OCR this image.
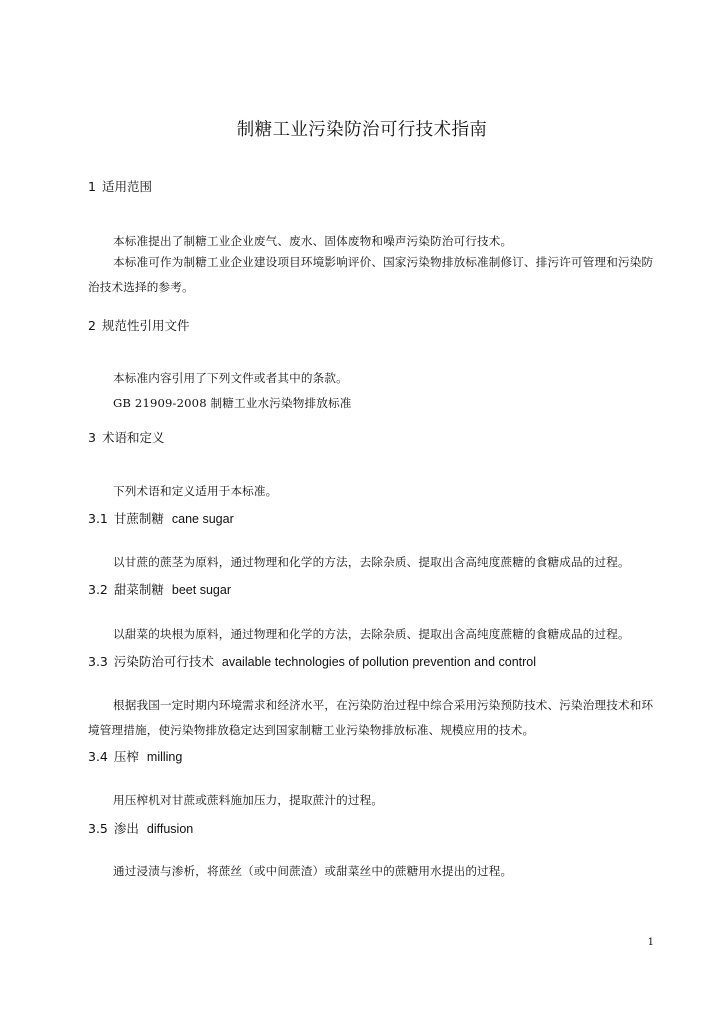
制糖工业污染防治可行技术指南
1 适用范围
本标准提出了制糖工业企业废气、废水、固体废物和噪声污染防治可行技术。

本标准可作为制糖工业企业建设项目环境影响评价、国家污染物排放标准制修订、排污许可管理和污染防治技术选择的参考。

2 规范性引用文件
本标准内容引用了下列文件或者其中的条款。
GB 21909-2008 制糖工业水污染物排放标准
3 术语和定义
下列术语和定义适用于本标准。
3.1 甘蔗制糖 cane sugar
以甘蔗的蔗茎为原料，通过物理和化学的方法，去除杂质、提取出含高纯度蔗糖的食糖成品的过程。
3.2 甜菜制糖 beet sugar
以甜菜的块根为原料，通过物理和化学的方法，去除杂质、提取出含高纯度蔗糖的食糖成品的过程。
3.3 污染防治可行技术 available technologies of pollution prevention and control

根据我国一定时期内环境需求和经济水平，在污染防治过程中综合采用污染预防技术、污染治理技术和环境管理措施，使污染物排放稳定达到国家制糖工业污染物排放标准、规模应用的技术。

3.4 压榨 milling
用压榨机对甘蔗或蔗料施加压力，提取蔗汁的过程。
3.5 渗出 diffusion
通过浸渍与渗析，将蔗丝（或中间蔗渣）或甜菜丝中的蔗糖用水提出的过程。
1
